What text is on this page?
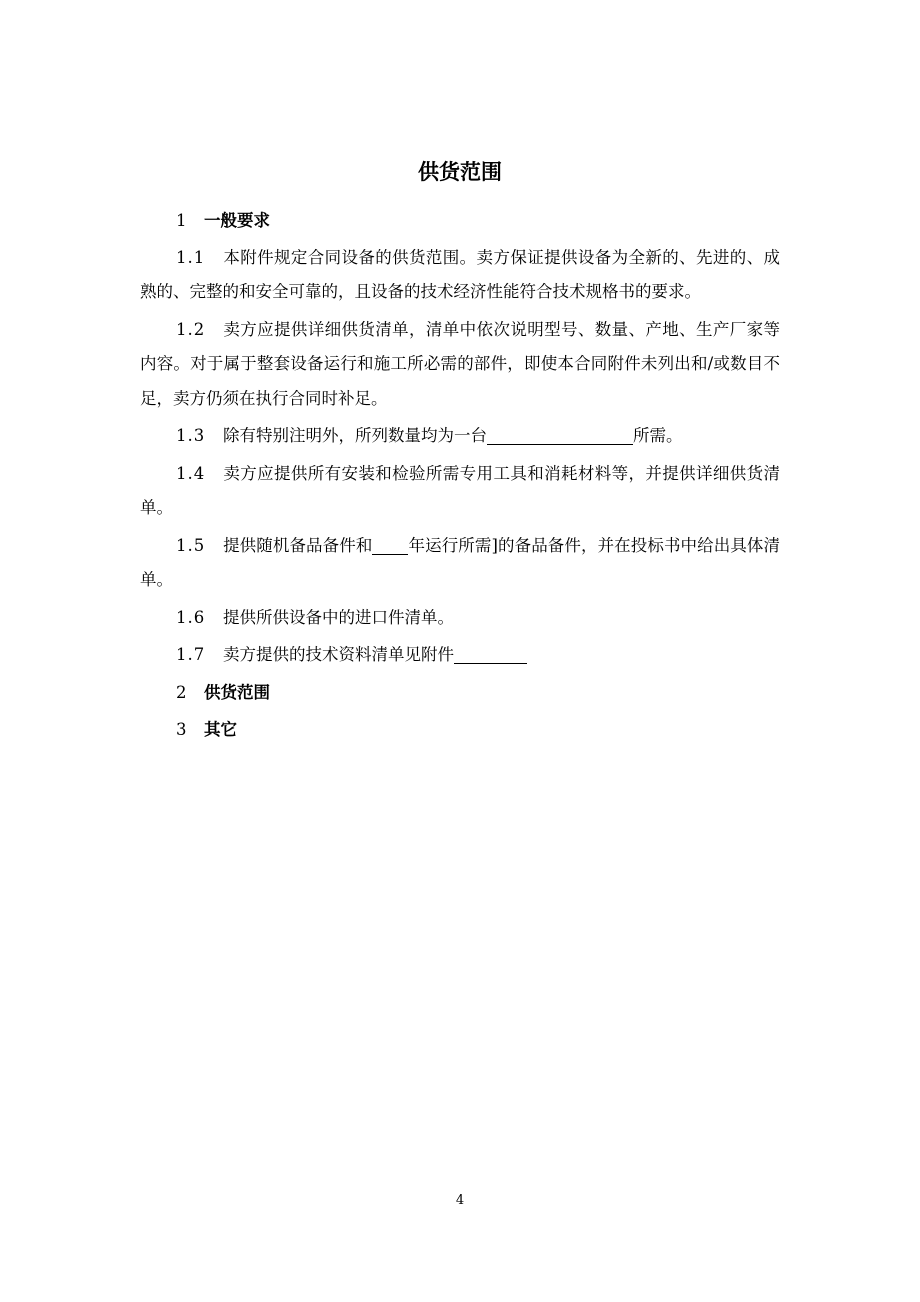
供货范围

1 一般要求

1.1 本附件规定合同设备的供货范围。卖方保证提供设备为全新的、先进的、成熟的、完整的和安全可靠的，且设备的技术经济性能符合技术规格书的要求。

1.2 卖方应提供详细供货清单，清单中依次说明型号、数量、产地、生产厂家等内容。对于属于整套设备运行和施工所必需的部件，即使本合同附件未列出和/或数目不足，卖方仍须在执行合同时补足。

1.3 除有特别注明外，所列数量均为一台	所需。

1.4 卖方应提供所有安装和检验所需专用工具和消耗材料等，并提供详细供货清单。

1.5 提供随机备品备件和 年运行所需]的备品备件，并在投标书中给出具体清单。

1.6 提供所供设备中的进口件清单。

1.7 卖方提供的技术资料清单见附件

2 供货范围

3 其它

4
